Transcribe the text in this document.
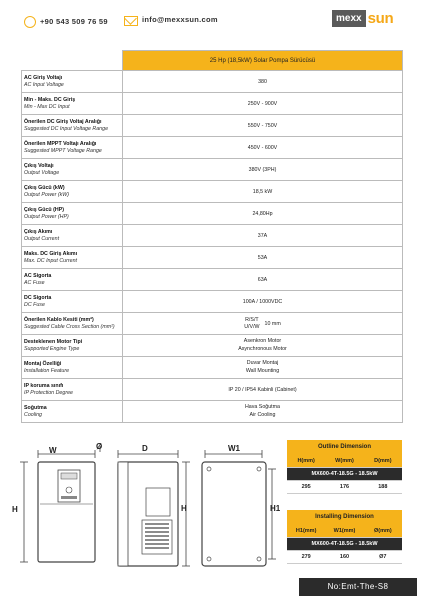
+90 543 509 76 59	info@mexxsun.com	mexx sun
	25 Hp (18,5kW) Solar Pompa Sürücüsü

AC Giriş Voltajı
AC Input Voltage	380

Min - Maks. DC Giriş
Min - Max DC Input	250V - 900V

Önerilen DC Giriş Voltaj Aralığı
Suggested DC Input Voltage Range	550V - 750V

Önerilen MPPT Voltajı Aralığı
Suggested MPPT Voltage Range	450V - 600V

Çıkış Voltajı
Output Voltage	380V (3PH)

Çıkış Gücü (kW)
Output Power (kW)	18,5 kW

Çıkış Gücü (HP)
Output Power (HP)	24,80Hp

Çıkış Akımı
Output Current	37A

Maks. DC Giriş Akımı
Max. DC Input Current	53A

AC Sigorta
AC Fuse	63A

DC Sigorta
DC Fuse	100A / 1000VDC

Önerilen Kablo Kesiti (mm²)
Suggested Cable Cross Section (mm²)	R/S/T
U/V/W 10 mm

Desteklenen Motor Tipi
Supported Engine Type	Asenkron Motor
Asynchronous Motor

Montaj Özelliği
Installation Feature	Duvar Montaj
Wall Mounting

IP koruma sınıfı
IP Protection Degree	IP 20 / IP54 Kabinli (Cabinet)

Soğutma
Cooling	Hava Soğutma
Air Cooling
W	Ø
H
D
H
W1
H1
Outline Dimension
H(mm)	W(mm)	D(mm)
MX600-4T-18.5G - 18.5kW
295	176	188
Installing Dimension
H1(mm)	W1(mm)	Ø(mm)
MX600-4T-18.5G - 18.5kW
279	160	Ø7
No:Emt-The-S8
